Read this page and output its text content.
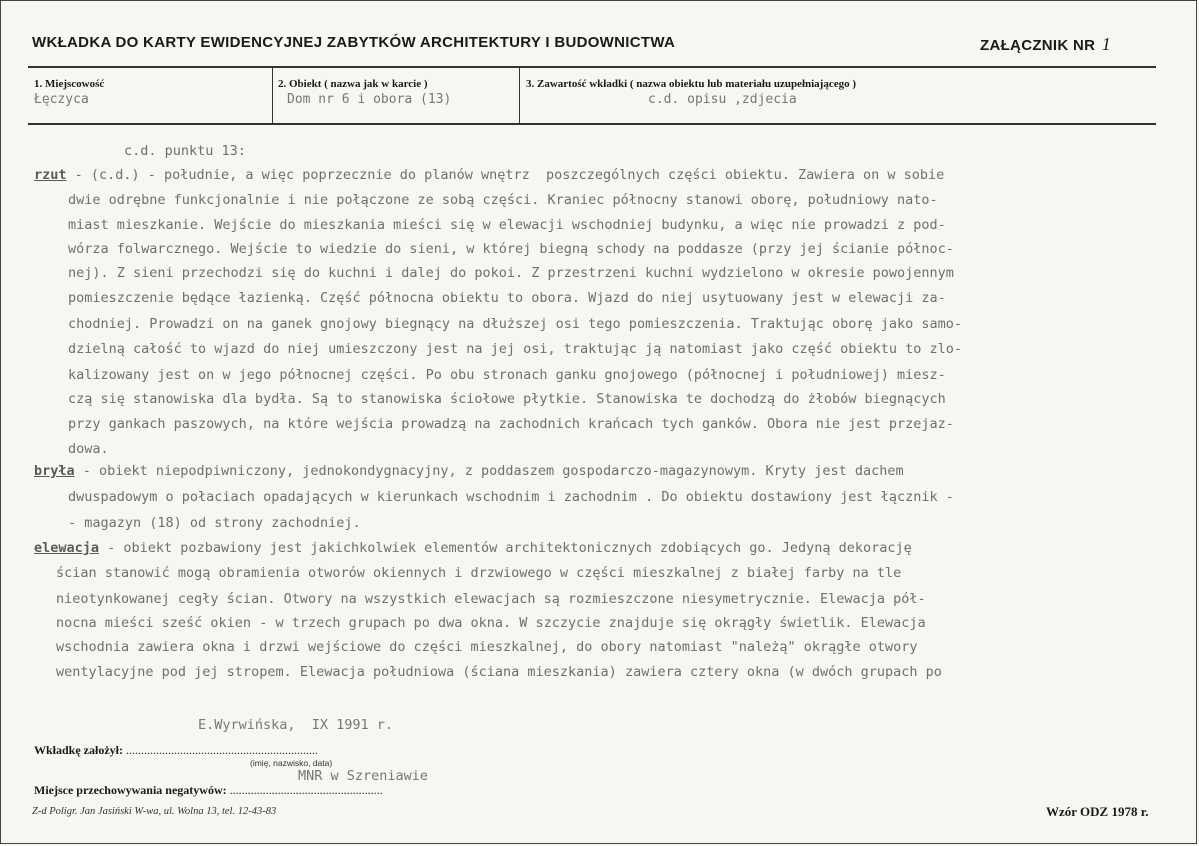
WKŁADKA DO KARTY EWIDENCYJNEJ ZABYTKÓW ARCHITEKTURY I BUDOWNICTWA	ZAŁĄCZNIK NR 1
1. Miejscowość
Łęczyca
2. Obiekt ( nazwa jak w karcie )
Dom nr 6 i obora (13)
3. Zawartość wkładki ( nazwa obiektu lub materiału uzupełniającego )
c.d. opisu ,zdjecia
c.d. punktu 13:
rzut - (c.d.) - południe, a więc poprzecznie do planów wnętrz  poszczególnych części obiektu. Zawiera on w sobie
dwie odrębne funkcjonalnie i nie połączone ze sobą części. Kraniec północny stanowi oborę, południowy nato-
miast mieszkanie. Wejście do mieszkania mieści się w elewacji wschodniej budynku, a więc nie prowadzi z pod-
wórza folwarcznego. Wejście to wiedzie do sieni, w której biegną schody na poddasze (przy jej ścianie północ-
nej). Z sieni przechodzi się do kuchni i dalej do pokoi. Z przestrzeni kuchni wydzielono w okresie powojennym
pomieszczenie będące łazienką. Część północna obiektu to obora. Wjazd do niej usytuowany jest w elewacji za-
chodniej. Prowadzi on na ganek gnojowy biegnący na dłuższej osi tego pomieszczenia. Traktując oborę jako samo-
dzielną całość to wjazd do niej umieszczony jest na jej osi, traktując ją natomiast jako część obiektu to zlo-
kalizowany jest on w jego północnej części. Po obu stronach ganku gnojowego (północnej i południowej) miesz-
czą się stanowiska dla bydła. Są to stanowiska ściołowe płytkie. Stanowiska te dochodzą do żłobów biegnących
przy gankach paszowych, na które wejścia prowadzą na zachodnich krańcach tych ganków. Obora nie jest przejaz-
dowa.
bryła - obiekt niepodpiwniczony, jednokondygnacyjny, z poddaszem gospodarczo-magazynowym. Kryty jest dachem
dwuspadowym o połaciach opadających w kierunkach wschodnim i zachodnim . Do obiektu dostawiony jest łącznik -
- magazyn (18) od strony zachodniej.
elewacja - obiekt pozbawiony jest jakichkolwiek elementów architektonicznych zdobiących go. Jedyną dekorację
ścian stanowić mogą obramienia otworów okiennych i drzwiowego w części mieszkalnej z białej farby na tle
nieotynkowanej cegły ścian. Otwory na wszystkich elewacjach są rozmieszczone niesymetrycznie. Elewacja pół-
nocna mieści sześć okien - w trzech grupach po dwa okna. W szczycie znajduje się okrągły świetlik. Elewacja
wschodnia zawiera okna i drzwi wejściowe do części mieszkalnej, do obory natomiast "należą" okrągłe otwory
wentylacyjne pod jej stropem. Elewacja południowa (ściana mieszkania) zawiera cztery okna (w dwóch grupach po
E.Wyrwińska,  IX 1991 r.
Wkładkę założył: ................................................................
(imię, nazwisko, data)
MNR w Szreniawie
Miejsce przechowywania negatywów: ...................................................
Z-d Poligr. Jan Jasiński W-wa, ul. Wolna 13, tel. 12-43-83	Wzór ODZ 1978 r.
